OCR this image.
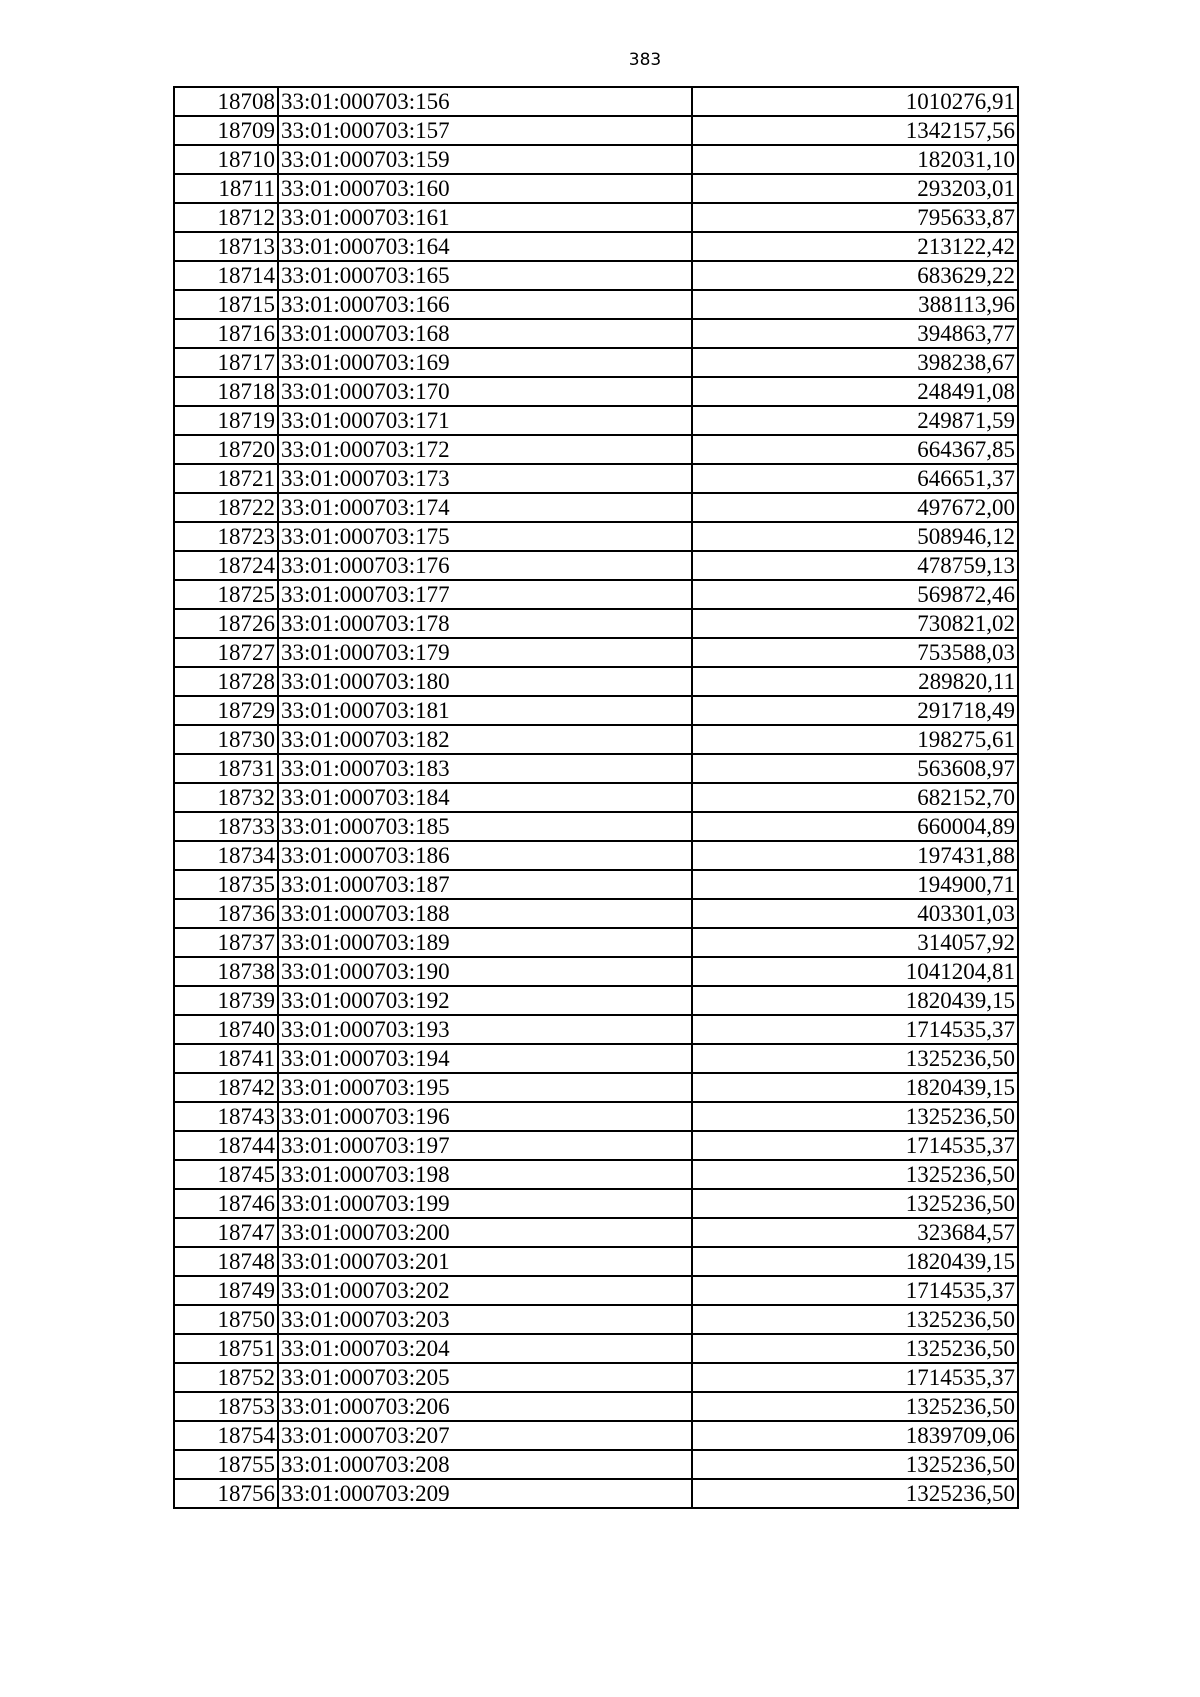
383
18708	33:01:000703:156	1010276,91
18709	33:01:000703:157	1342157,56
18710	33:01:000703:159	182031,10
18711	33:01:000703:160	293203,01
18712	33:01:000703:161	795633,87
18713	33:01:000703:164	213122,42
18714	33:01:000703:165	683629,22
18715	33:01:000703:166	388113,96
18716	33:01:000703:168	394863,77
18717	33:01:000703:169	398238,67
18718	33:01:000703:170	248491,08
18719	33:01:000703:171	249871,59
18720	33:01:000703:172	664367,85
18721	33:01:000703:173	646651,37
18722	33:01:000703:174	497672,00
18723	33:01:000703:175	508946,12
18724	33:01:000703:176	478759,13
18725	33:01:000703:177	569872,46
18726	33:01:000703:178	730821,02
18727	33:01:000703:179	753588,03
18728	33:01:000703:180	289820,11
18729	33:01:000703:181	291718,49
18730	33:01:000703:182	198275,61
18731	33:01:000703:183	563608,97
18732	33:01:000703:184	682152,70
18733	33:01:000703:185	660004,89
18734	33:01:000703:186	197431,88
18735	33:01:000703:187	194900,71
18736	33:01:000703:188	403301,03
18737	33:01:000703:189	314057,92
18738	33:01:000703:190	1041204,81
18739	33:01:000703:192	1820439,15
18740	33:01:000703:193	1714535,37
18741	33:01:000703:194	1325236,50
18742	33:01:000703:195	1820439,15
18743	33:01:000703:196	1325236,50
18744	33:01:000703:197	1714535,37
18745	33:01:000703:198	1325236,50
18746	33:01:000703:199	1325236,50
18747	33:01:000703:200	323684,57
18748	33:01:000703:201	1820439,15
18749	33:01:000703:202	1714535,37
18750	33:01:000703:203	1325236,50
18751	33:01:000703:204	1325236,50
18752	33:01:000703:205	1714535,37
18753	33:01:000703:206	1325236,50
18754	33:01:000703:207	1839709,06
18755	33:01:000703:208	1325236,50
18756	33:01:000703:209	1325236,50
